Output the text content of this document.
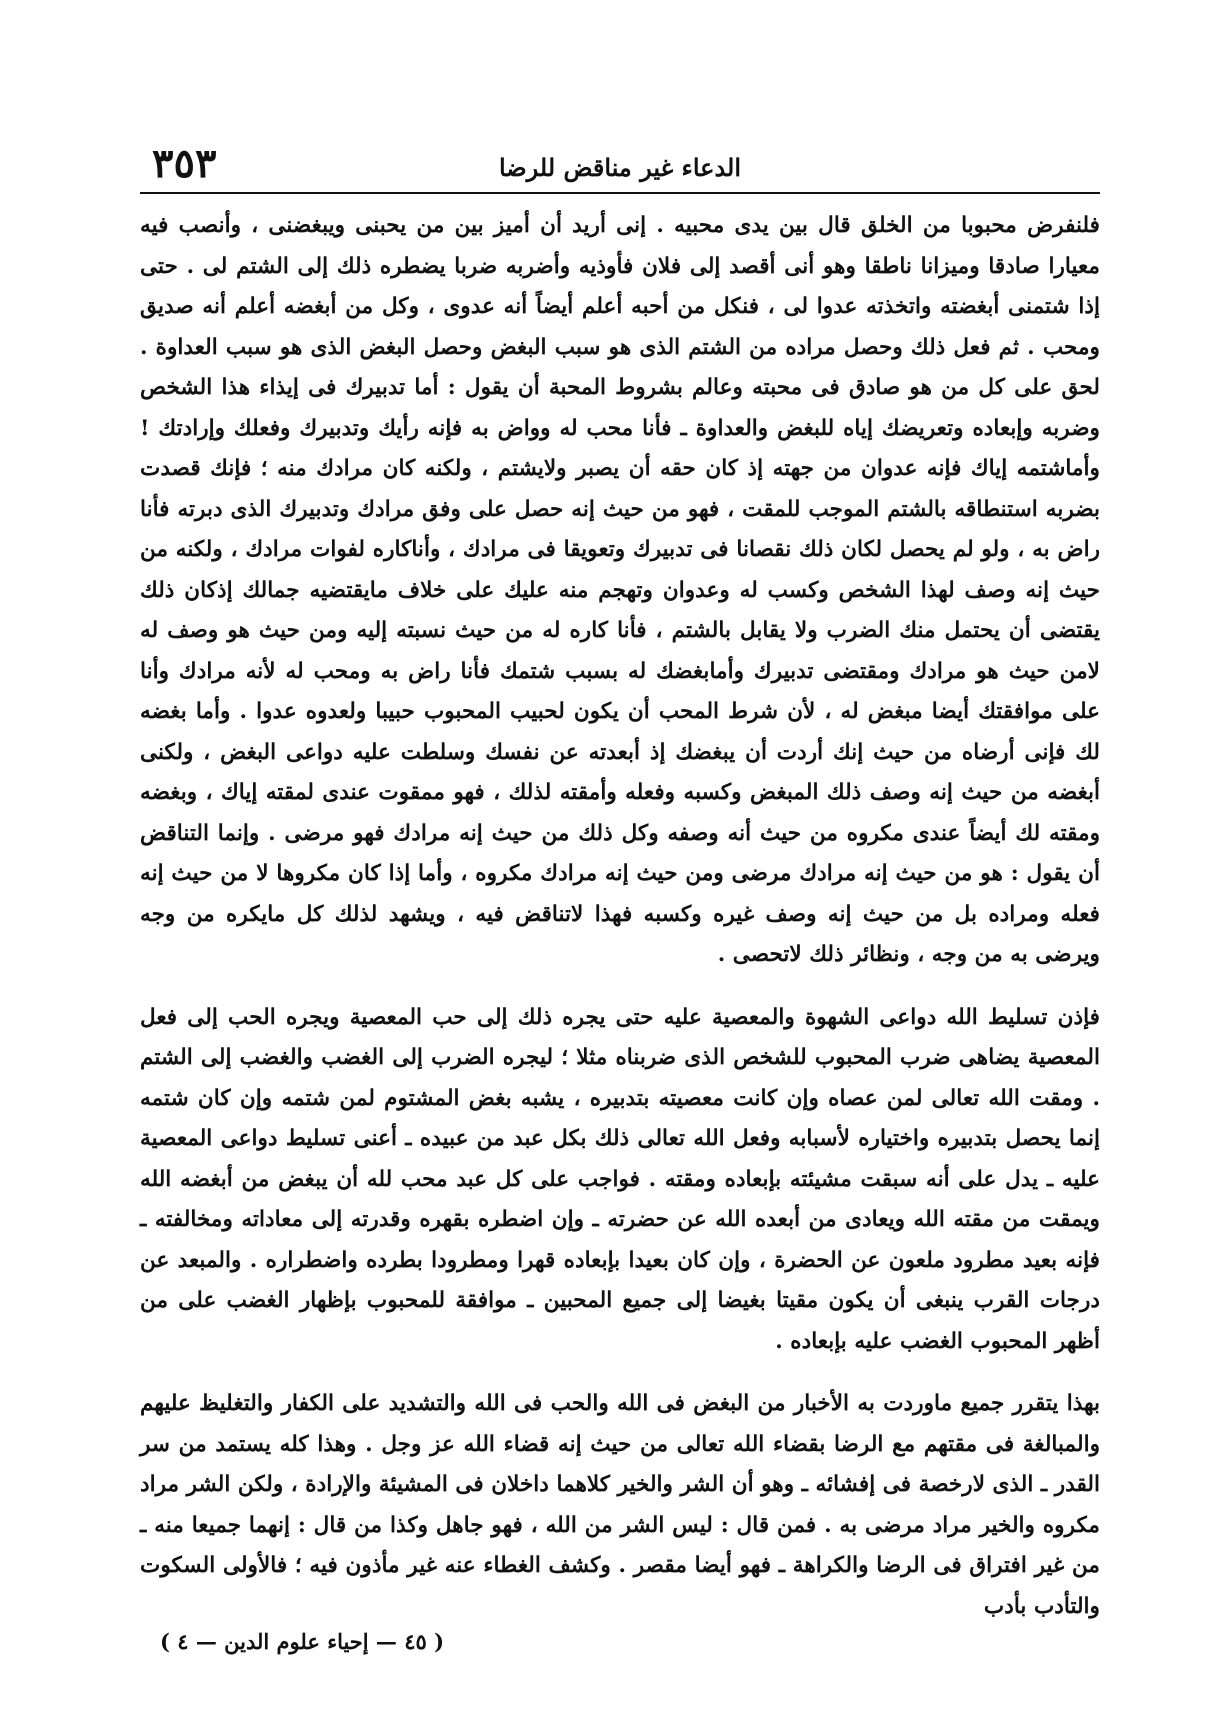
٣٥٣	الدعاء غير مناقض للرضا

فلنفرض محبوبا من الخلق قال بين يدى محبيه . إنى أريد أن أميز بين من يحبنى ويبغضنى ، وأنصب فيه معيارا صادقا وميزانا ناطقا وهو أنى أقصد إلى فلان فأوذيه وأضربه ضربا يضطره ذلك إلى الشتم لى . حتى إذا شتمنى أبغضته واتخذته عدوا لى ، فنكل من أحبه أعلم أيضاً أنه عدوى ، وكل من أبغضه أعلم أنه صديق ومحب . ثم فعل ذلك وحصل مراده من الشتم الذى هو سبب البغض وحصل البغض الذى هو سبب العداوة . لحق على كل من هو صادق فى محبته وعالم بشروط المحبة أن يقول : أما تدبيرك فى إيذاء هذا الشخص وضربه وإبعاده وتعريضك إياه للبغض والعداوة ـ فأنا محب له وواض به فإنه رأيك وتدبيرك وفعلك وإرادتك ! وأماشتمه إياك فإنه عدوان من جهته إذ كان حقه أن يصبر ولايشتم ، ولكنه كان مرادك منه ؛ فإنك قصدت بضربه استنطاقه بالشتم الموجب للمقت ، فهو من حيث إنه حصل على وفق مرادك وتدبيرك الذى دبرته فأنا راض به ، ولو لم يحصل لكان ذلك نقصانا فى تدبيرك وتعويقا فى مرادك ، وأناكاره لفوات مرادك ، ولكنه من حيث إنه وصف لهذا الشخص وكسب له وعدوان وتهجم منه عليك على خلاف مايقتضيه جمالك إذكان ذلك يقتضى أن يحتمل منك الضرب ولا يقابل بالشتم ، فأنا كاره له من حيث نسبته إليه ومن حيث هو وصف له لامن حيث هو مرادك ومقتضى تدبيرك وأمابغضك له بسبب شتمك فأنا راض به ومحب له لأنه مرادك وأنا على موافقتك أيضا مبغض له ، لأن شرط المحب أن يكون لحبيب المحبوب حبيبا ولعدوه عدوا . وأما بغضه لك فإنى أرضاه من حيث إنك أردت أن يبغضك إذ أبعدته عن نفسك وسلطت عليه دواعى البغض ، ولكنى أبغضه من حيث إنه وصف ذلك المبغض وكسبه وفعله وأمقته لذلك ، فهو ممقوت عندى لمقته إياك ، وبغضه ومقته لك أيضاً عندى مكروه من حيث أنه وصفه وكل ذلك من حيث إنه مرادك فهو مرضى . وإنما التناقض أن يقول : هو من حيث إنه مرادك مرضى ومن حيث إنه مرادك مكروه ، وأما إذا كان مكروها لا من حيث إنه فعله ومراده بل من حيث إنه وصف غيره وكسبه فهذا لاتناقض فيه ، ويشهد لذلك كل مايكره من وجه ويرضى به من وجه ، ونظائر ذلك لاتحصى .

فإذن تسليط الله دواعى الشهوة والمعصية عليه حتى يجره ذلك إلى حب المعصية ويجره الحب إلى فعل المعصية يضاهى ضرب المحبوب للشخص الذى ضربناه مثلا ؛ ليجره الضرب إلى الغضب والغضب إلى الشتم . ومقت الله تعالى لمن عصاه وإن كانت معصيته بتدبيره ، يشبه بغض المشتوم لمن شتمه وإن كان شتمه إنما يحصل بتدبيره واختياره لأسبابه وفعل الله تعالى ذلك بكل عبد من عبيده ـ أعنى تسليط دواعى المعصية عليه ـ يدل على أنه سبقت مشيئته بإبعاده ومقته . فواجب على كل عبد محب لله أن يبغض من أبغضه الله ويمقت من مقته الله ويعادى من أبعده الله عن حضرته ـ وإن اضطره بقهره وقدرته إلى معاداته ومخالفته ـ فإنه بعيد مطرود ملعون عن الحضرة ، وإن كان بعيدا بإبعاده قهرا ومطرودا بطرده واضطراره . والمبعد عن درجات القرب ينبغى أن يكون مقيتا بغيضا إلى جميع المحبين ـ موافقة للمحبوب بإظهار الغضب على من أظهر المحبوب الغضب عليه بإبعاده .

بهذا يتقرر جميع ماوردت به الأخبار من البغض فى الله والحب فى الله والتشديد على الكفار والتغليظ عليهم والمبالغة فى مقتهم مع الرضا بقضاء الله تعالى من حيث إنه قضاء الله عز وجل . وهذا كله يستمد من سر القدر ـ الذى لارخصة فى إفشائه ـ وهو أن الشر والخير كلاهما داخلان فى المشيئة والإرادة ، ولكن الشر مراد مكروه والخير مراد مرضى به . فمن قال : ليس الشر من الله ، فهو جاهل وكذا من قال : إنهما جميعا منه ـ من غير افتراق فى الرضا والكراهة ـ فهو أيضا مقصر . وكشف الغطاء عنه غير مأذون فيه ؛ فالأولى السكوت والتأدب بأدب

( ٤٥ — إحياء علوم الدين — ٤ )
